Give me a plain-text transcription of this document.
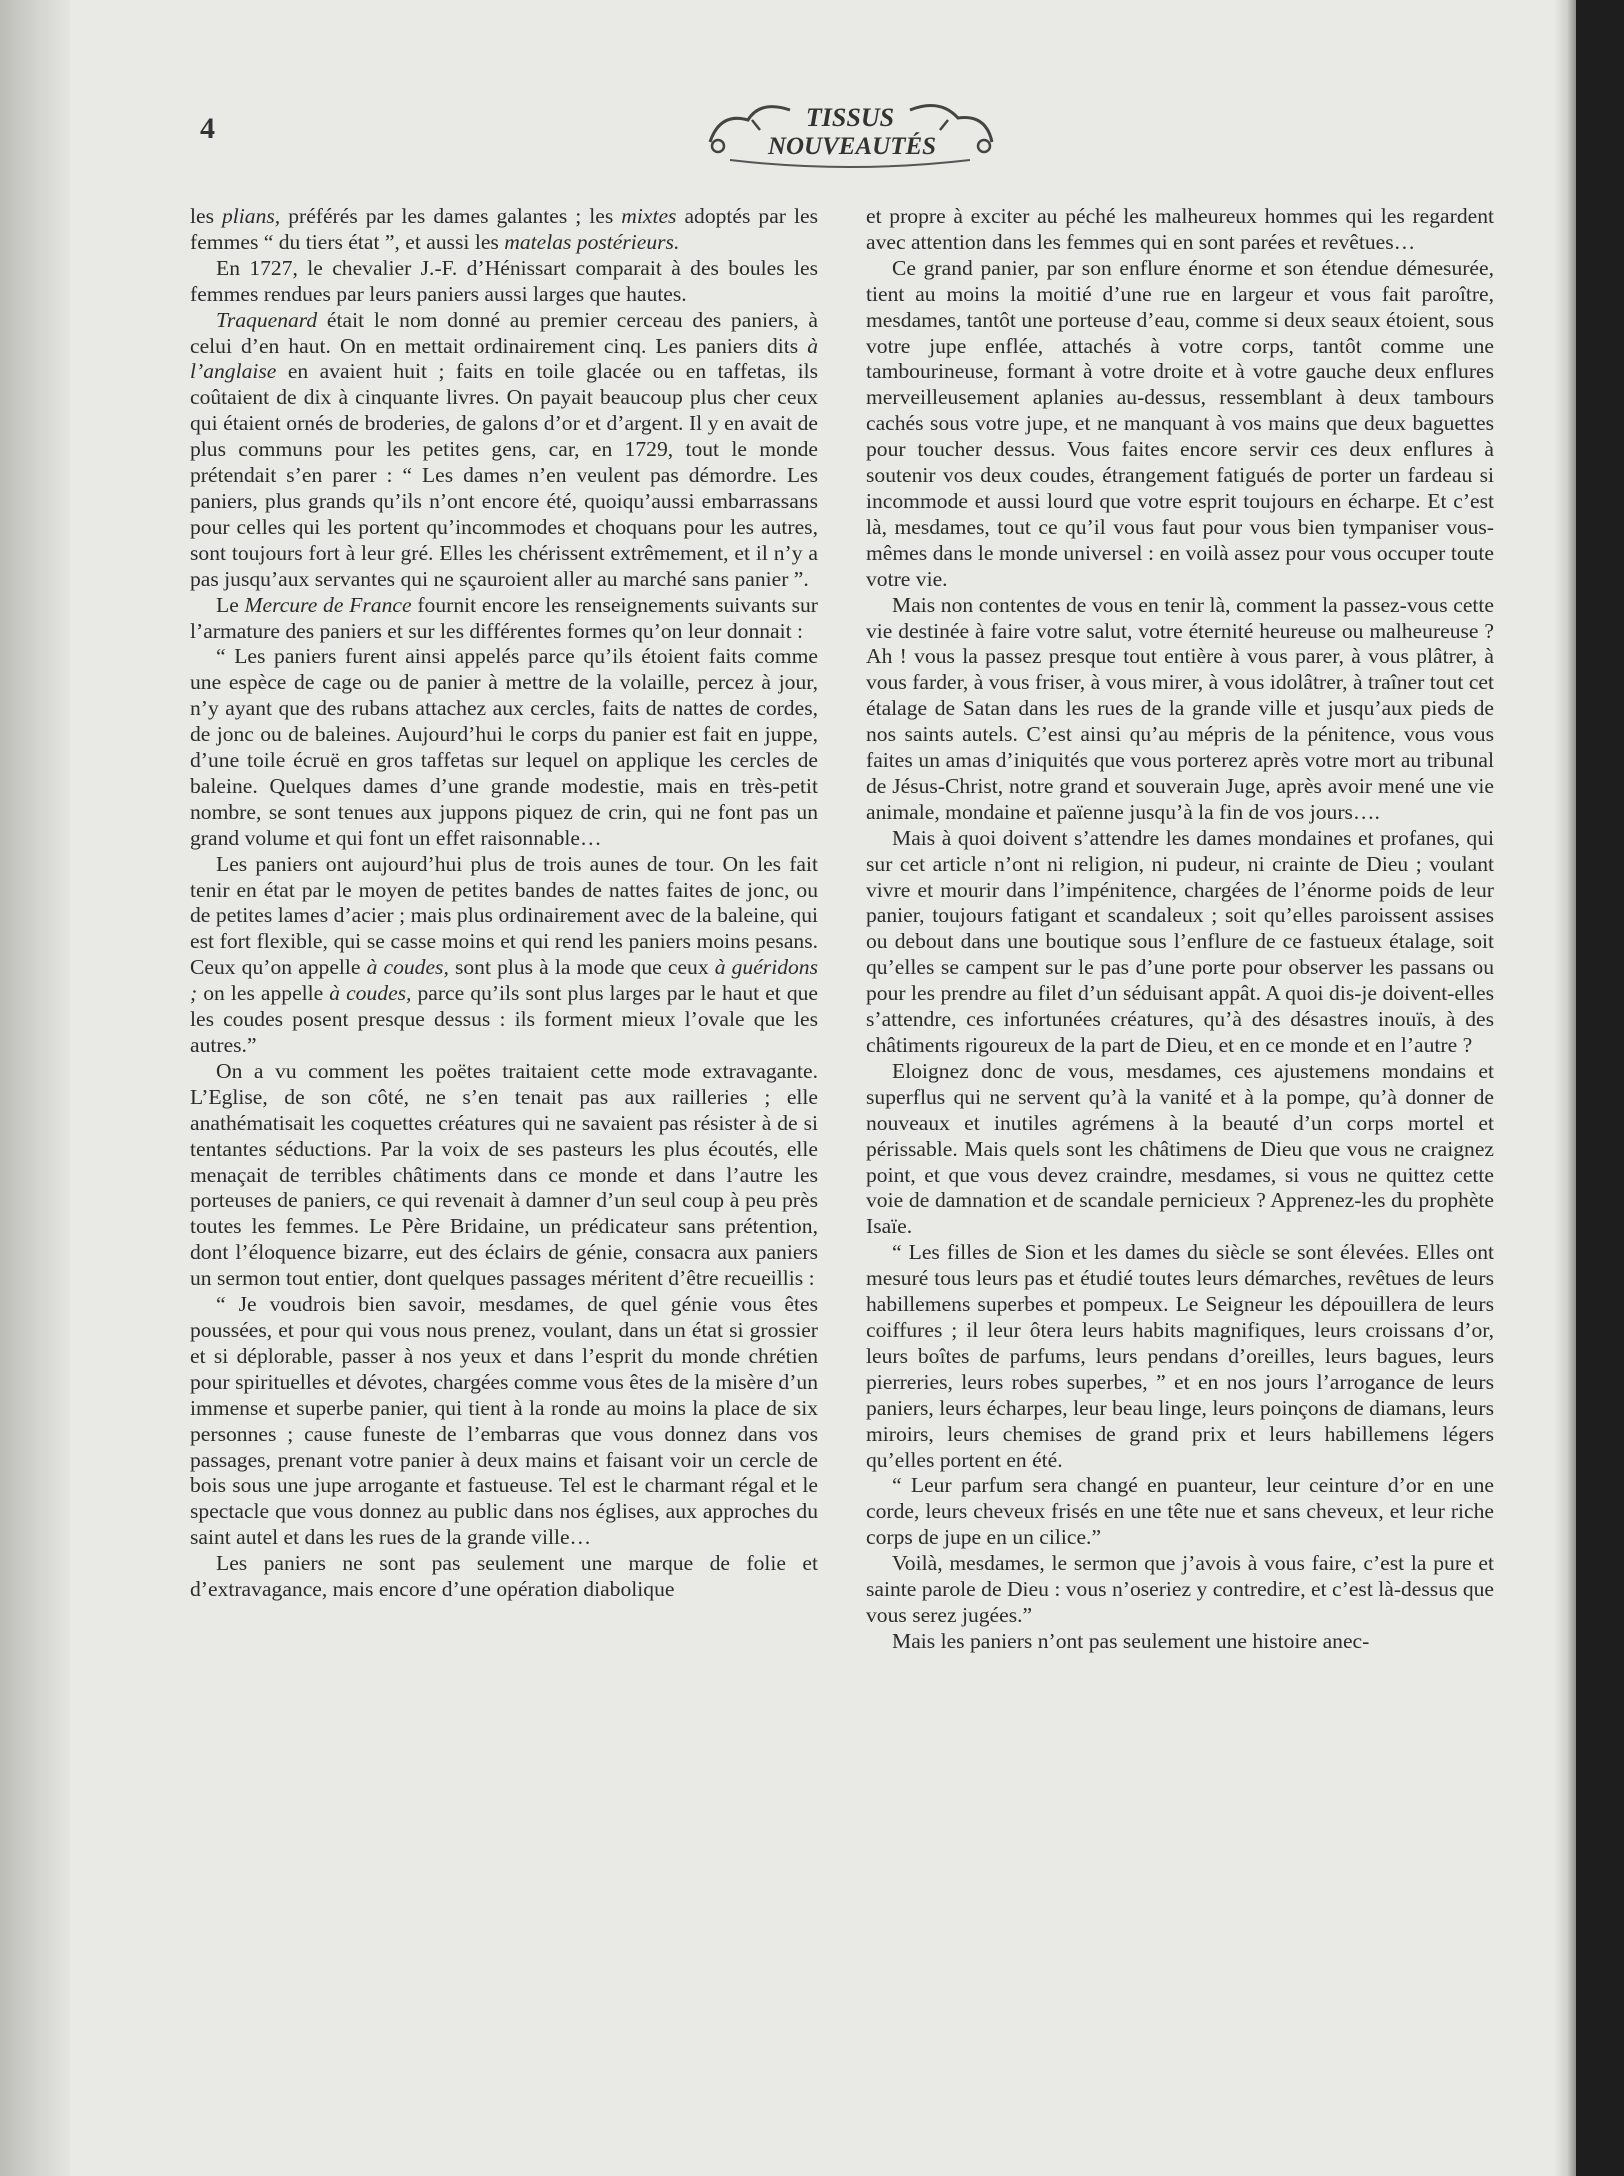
4	TISSUS
NOUVEAUTÉS

les plians, préférés par les dames galantes ; les mixtes adoptés par les femmes “ du tiers état ”, et aussi les matelas postérieurs.

En 1727, le chevalier J.-F. d’Hénissart comparait à des boules les femmes rendues par leurs paniers aussi larges que hautes.

Traquenard était le nom donné au premier cerceau des paniers, à celui d’en haut. On en mettait ordinairement cinq. Les paniers dits à l’anglaise en avaient huit ; faits en toile glacée ou en taffetas, ils coûtaient de dix à cinquante livres. On payait beaucoup plus cher ceux qui étaient ornés de broderies, de galons d’or et d’argent. Il y en avait de plus communs pour les petites gens, car, en 1729, tout le monde prétendait s’en parer : “ Les dames n’en veulent pas démordre. Les paniers, plus grands qu’ils n’ont encore été, quoiqu’aussi embarrassans pour celles qui les portent qu’incommodes et choquans pour les autres, sont toujours fort à leur gré. Elles les chérissent extrêmement, et il n’y a pas jusqu’aux servantes qui ne sçauroient aller au marché sans panier ”.

Le Mercure de France fournit encore les renseignements suivants sur l’armature des paniers et sur les différentes formes qu’on leur donnait :

“ Les paniers furent ainsi appelés parce qu’ils étoient faits comme une espèce de cage ou de panier à mettre de la volaille, percez à jour, n’y ayant que des rubans attachez aux cercles, faits de nattes de cordes, de jonc ou de baleines. Aujourd’hui le corps du panier est fait en juppe, d’une toile écruë en gros taffetas sur lequel on applique les cercles de baleine. Quelques dames d’une grande modestie, mais en très-petit nombre, se sont tenues aux juppons piquez de crin, qui ne font pas un grand volume et qui font un effet raisonnable…

Les paniers ont aujourd’hui plus de trois aunes de tour. On les fait tenir en état par le moyen de petites bandes de nattes faites de jonc, ou de petites lames d’acier ; mais plus ordinairement avec de la baleine, qui est fort flexible, qui se casse moins et qui rend les paniers moins pesans. Ceux qu’on appelle à coudes, sont plus à la mode que ceux à guéridons ; on les appelle à coudes, parce qu’ils sont plus larges par le haut et que les coudes posent presque dessus : ils forment mieux l’ovale que les autres.”

On a vu comment les poëtes traitaient cette mode extravagante. L’Eglise, de son côté, ne s’en tenait pas aux railleries ; elle anathématisait les coquettes créatures qui ne savaient pas résister à de si tentantes séductions. Par la voix de ses pasteurs les plus écoutés, elle menaçait de terribles châtiments dans ce monde et dans l’autre les porteuses de paniers, ce qui revenait à damner d’un seul coup à peu près toutes les femmes. Le Père Bridaine, un prédicateur sans prétention, dont l’éloquence bizarre, eut des éclairs de génie, consacra aux paniers un sermon tout entier, dont quelques passages méritent d’être recueillis :

“ Je voudrois bien savoir, mesdames, de quel génie vous êtes poussées, et pour qui vous nous prenez, voulant, dans un état si grossier et si déplorable, passer à nos yeux et dans l’esprit du monde chrétien pour spirituelles et dévotes, chargées comme vous êtes de la misère d’un immense et superbe panier, qui tient à la ronde au moins la place de six personnes ; cause funeste de l’embarras que vous donnez dans vos passages, prenant votre panier à deux mains et faisant voir un cercle de bois sous une jupe arrogante et fastueuse. Tel est le charmant régal et le spectacle que vous donnez au public dans nos églises, aux approches du saint autel et dans les rues de la grande ville…

Les paniers ne sont pas seulement une marque de folie et d’extravagance, mais encore d’une opération diabolique

et propre à exciter au péché les malheureux hommes qui les regardent avec attention dans les femmes qui en sont parées et revêtues…

Ce grand panier, par son enflure énorme et son étendue démesurée, tient au moins la moitié d’une rue en largeur et vous fait paroître, mesdames, tantôt une porteuse d’eau, comme si deux seaux étoient, sous votre jupe enflée, attachés à votre corps, tantôt comme une tambourineuse, formant à votre droite et à votre gauche deux enflures merveilleusement aplanies au-dessus, ressemblant à deux tambours cachés sous votre jupe, et ne manquant à vos mains que deux baguettes pour toucher dessus. Vous faites encore servir ces deux enflures à soutenir vos deux coudes, étrangement fatigués de porter un fardeau si incommode et aussi lourd que votre esprit toujours en écharpe. Et c’est là, mesdames, tout ce qu’il vous faut pour vous bien tympaniser vous-mêmes dans le monde universel : en voilà assez pour vous occuper toute votre vie.

Mais non contentes de vous en tenir là, comment la passez-vous cette vie destinée à faire votre salut, votre éternité heureuse ou malheureuse ? Ah ! vous la passez presque tout entière à vous parer, à vous plâtrer, à vous farder, à vous friser, à vous mirer, à vous idolâtrer, à traîner tout cet étalage de Satan dans les rues de la grande ville et jusqu’aux pieds de nos saints autels. C’est ainsi qu’au mépris de la pénitence, vous vous faites un amas d’iniquités que vous porterez après votre mort au tribunal de Jésus-Christ, notre grand et souverain Juge, après avoir mené une vie animale, mondaine et païenne jusqu’à la fin de vos jours….

Mais à quoi doivent s’attendre les dames mondaines et profanes, qui sur cet article n’ont ni religion, ni pudeur, ni crainte de Dieu ; voulant vivre et mourir dans l’impénitence, chargées de l’énorme poids de leur panier, toujours fatigant et scandaleux ; soit qu’elles paroissent assises ou debout dans une boutique sous l’enflure de ce fastueux étalage, soit qu’elles se campent sur le pas d’une porte pour observer les passans ou pour les prendre au filet d’un séduisant appât. A quoi dis-je doivent-elles s’attendre, ces infortunées créatures, qu’à des désastres inouïs, à des châtiments rigoureux de la part de Dieu, et en ce monde et en l’autre ?

Eloignez donc de vous, mesdames, ces ajustemens mondains et superflus qui ne servent qu’à la vanité et à la pompe, qu’à donner de nouveaux et inutiles agrémens à la beauté d’un corps mortel et périssable. Mais quels sont les châtimens de Dieu que vous ne craignez point, et que vous devez craindre, mesdames, si vous ne quittez cette voie de damnation et de scandale pernicieux ? Apprenez-les du prophète Isaïe.

“ Les filles de Sion et les dames du siècle se sont élevées. Elles ont mesuré tous leurs pas et étudié toutes leurs démarches, revêtues de leurs habillemens superbes et pompeux. Le Seigneur les dépouillera de leurs coiffures ; il leur ôtera leurs habits magnifiques, leurs croissans d’or, leurs boîtes de parfums, leurs pendans d’oreilles, leurs bagues, leurs pierreries, leurs robes superbes, ” et en nos jours l’arrogance de leurs paniers, leurs écharpes, leur beau linge, leurs poinçons de diamans, leurs miroirs, leurs chemises de grand prix et leurs habillemens légers qu’elles portent en été.

“ Leur parfum sera changé en puanteur, leur ceinture d’or en une corde, leurs cheveux frisés en une tête nue et sans cheveux, et leur riche corps de jupe en un cilice.”

Voilà, mesdames, le sermon que j’avois à vous faire, c’est la pure et sainte parole de Dieu : vous n’oseriez y contredire, et c’est là-dessus que vous serez jugées.”

Mais les paniers n’ont pas seulement une histoire anec-
